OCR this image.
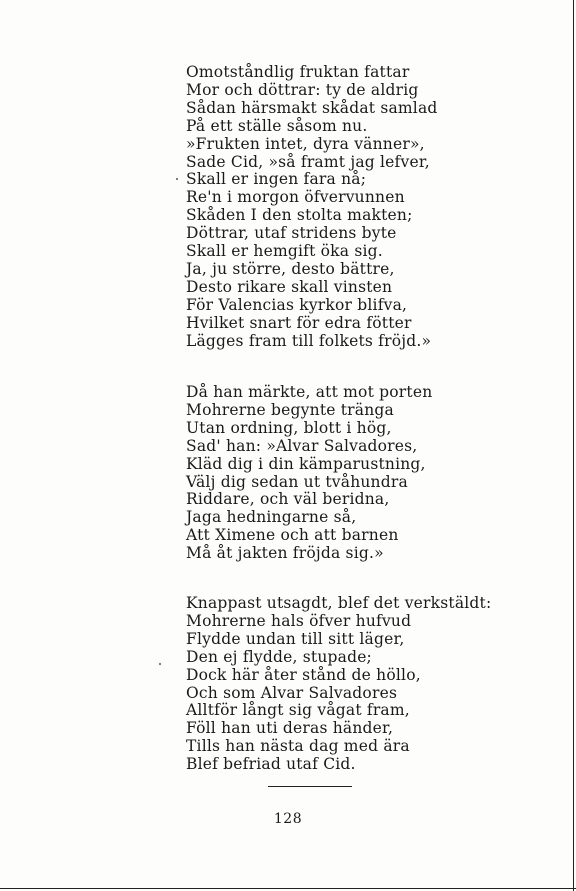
Omotståndlig fruktan fattar
Mor och döttrar: ty de aldrig
Sådan härsmakt skådat samlad
På ett ställe såsom nu.
»Frukten intet, dyra vänner»,
Sade Cid, »så framt jag lefver,
Skall er ingen fara nå;
Re'n i morgon öfvervunnen
Skåden I den stolta makten;
Döttrar, utaf stridens byte
Skall er hemgift öka sig.
Ja, ju större, desto bättre,
Desto rikare skall vinsten
För Valencias kyrkor blifva,
Hvilket snart för edra fötter
Lägges fram till folkets fröjd.»
Då han märkte, att mot porten
Mohrerne begynte tränga
Utan ordning, blott i hög,
Sad' han: »Alvar Salvadores,
Kläd dig i din kämparustning,
Välj dig sedan ut tvåhundra
Riddare, och väl beridna,
Jaga hedningarne så,
Att Ximene och att barnen
Må åt jakten fröjda sig.»
Knappast utsagdt, blef det verkstäldt:
Mohrerne hals öfver hufvud
Flydde undan till sitt läger,
Den ej flydde, stupade;
Dock här åter stånd de höllo,
Och som Alvar Salvadores
Alltför långt sig vågat fram,
Föll han uti deras händer,
Tills han nästa dag med ära
Blef befriad utaf Cid.
128
